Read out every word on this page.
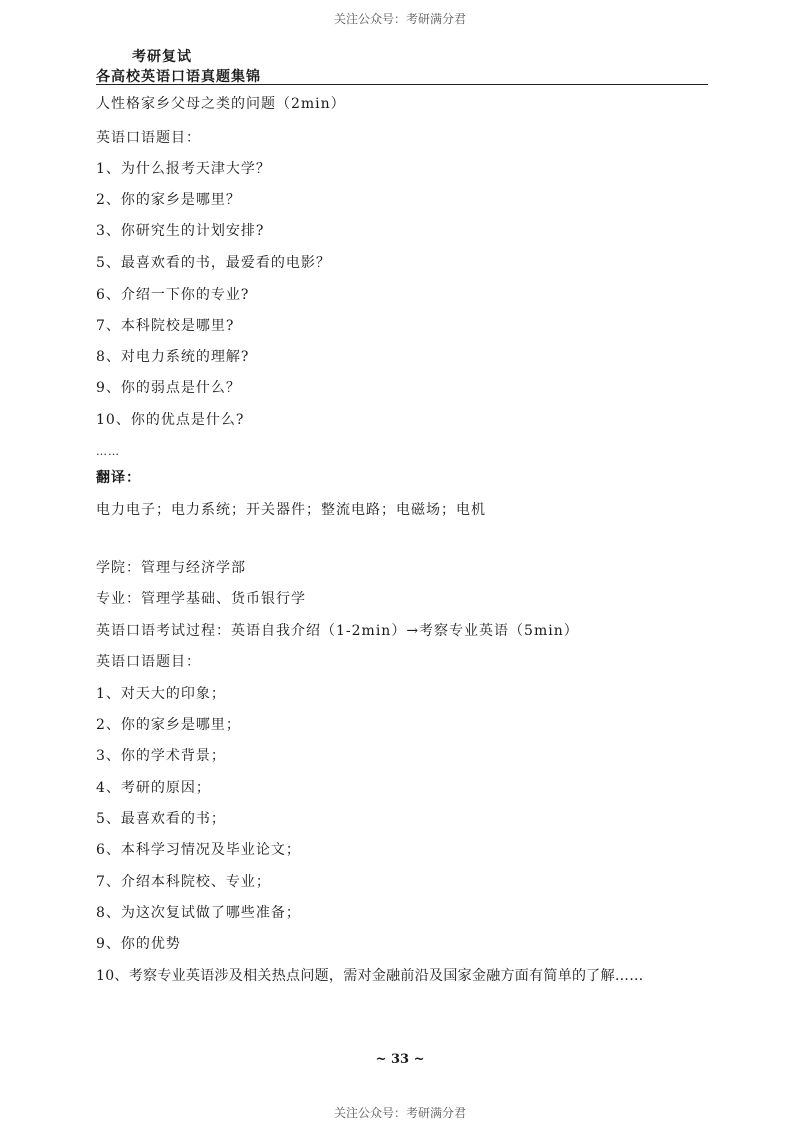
关注公众号：考研满分君
考研复试
各高校英语口语真题集锦
人性格家乡父母之类的问题（2min）
英语口语题目：
1、为什么报考天津大学？
2、你的家乡是哪里？
3、你研究生的计划安排?
5、最喜欢看的书，最爱看的电影？
6、介绍一下你的专业?
7、本科院校是哪里?
8、对电力系统的理解?
9、你的弱点是什么？
10、你的优点是什么?
……
翻译：
电力电子；电力系统；开关器件；整流电路；电磁场；电机
学院：管理与经济学部
专业：管理学基础、货币银行学
英语口语考试过程：英语自我介绍（1-2min）→考察专业英语（5min）
英语口语题目：
1、对天大的印象；
2、你的家乡是哪里；
3、你的学术背景；
4、考研的原因；
5、最喜欢看的书；
6、本科学习情况及毕业论文；
7、介绍本科院校、专业；
8、为这次复试做了哪些准备；
9、你的优势
10、考察专业英语涉及相关热点问题，需对金融前沿及国家金融方面有简单的了解……
~ 33 ~
关注公众号：考研满分君
